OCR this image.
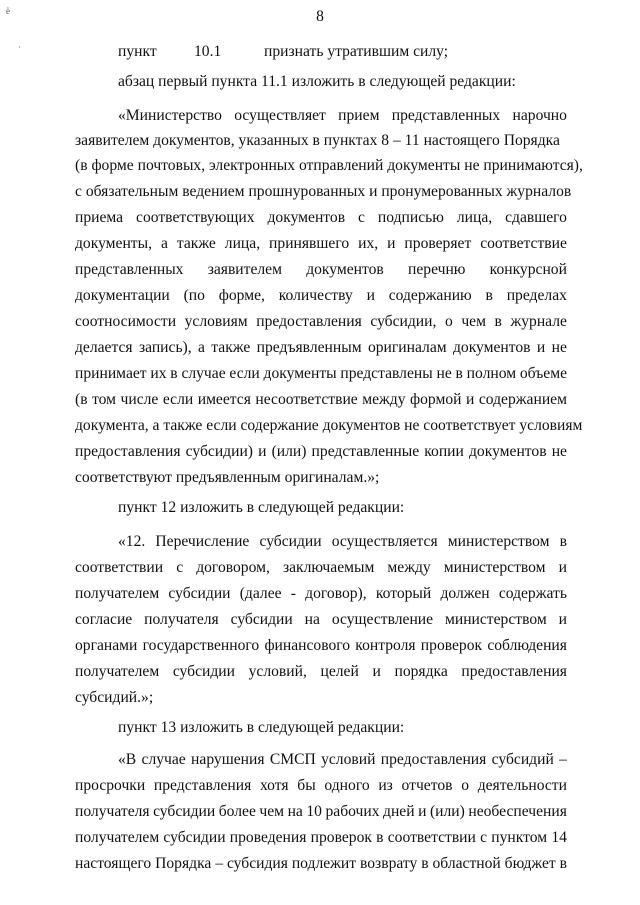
ё
·
8
пункт 10.1	признать утратившим силу;
абзац первый пункта 11.1 изложить в следующей редакции:
«Министерство осуществляет прием представленных нарочно
заявителем документов, указанных в пунктах 8 – 11 настоящего Порядка
(в форме почтовых, электронных отправлений документы не принимаются),
с обязательным ведением прошнурованных и пронумерованных журналов
приема соответствующих документов с подписью лица, сдавшего
документы, а также лица, принявшего их, и проверяет соответствие
представленных заявителем документов перечню конкурсной
документации (по форме, количеству и содержанию в пределах
соотносимости условиям предоставления субсидии, о чем в журнале
делается запись), а также предъявленным оригиналам документов и не
принимает их в случае если документы представлены не в полном объеме
(в том числе если имеется несоответствие между формой и содержанием
документа, а также если содержание документов не соответствует условиям
предоставления субсидии) и (или) представленные копии документов не
соответствуют предъявленным оригиналам.»;
пункт 12 изложить в следующей редакции:
«12. Перечисление субсидии осуществляется министерством в
соответствии с договором, заключаемым между министерством и
получателем субсидии (далее - договор), который должен содержать
согласие получателя субсидии на осуществление министерством и
органами государственного финансового контроля проверок соблюдения
получателем субсидии условий, целей и порядка предоставления
субсидий.»;
пункт 13 изложить в следующей редакции:
«В случае нарушения СМСП условий предоставления субсидий –
просрочки представления хотя бы одного из отчетов о деятельности
получателя субсидии более чем на 10 рабочих дней и (или) необеспечения
получателем субсидии проведения проверок в соответствии с пунктом 14
настоящего Порядка – субсидия подлежит возврату в областной бюджет в
